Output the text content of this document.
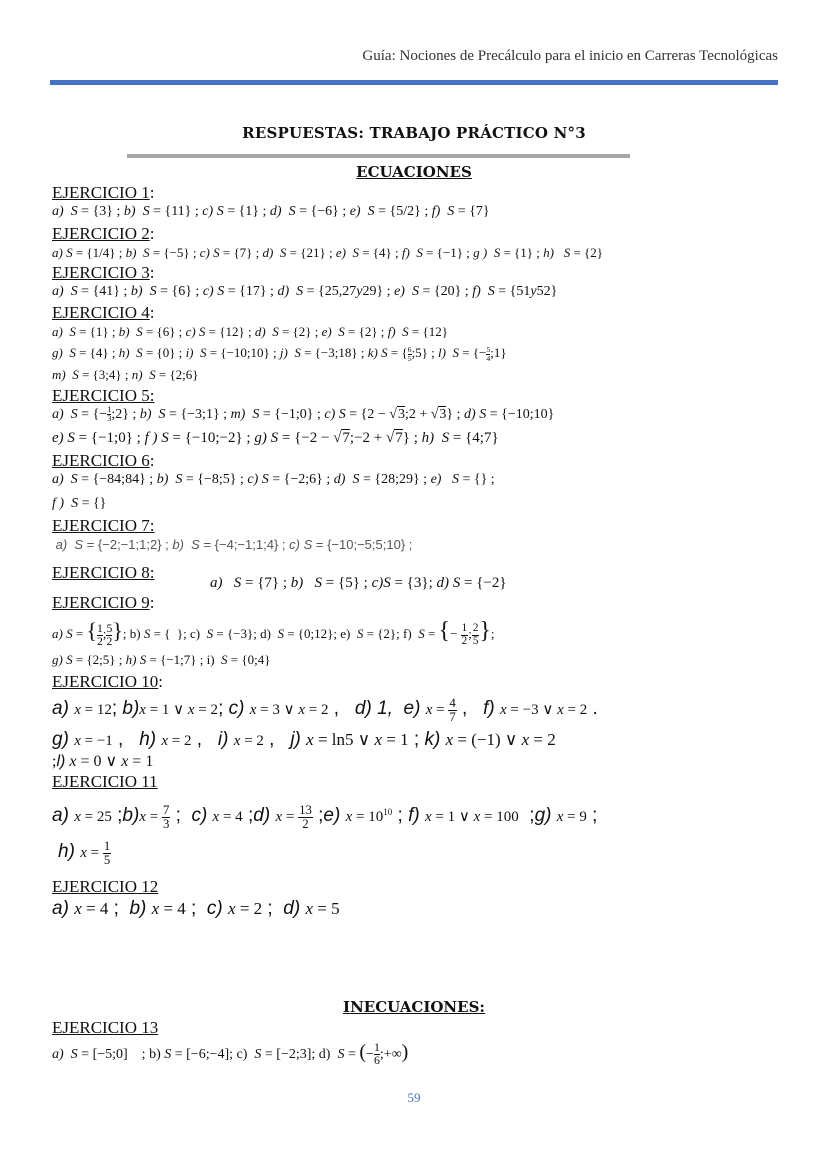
Guía: Nociones de Precálculo para el inicio en Carreras Tecnológicas
RESPUESTAS: TRABAJO PRÁCTICO N°3
ECUACIONES
EJERCICIO 1:
a) S = {3} ; b) S = {11} ; c) S = {1} ; d) S = {−6} ; e) S = {5/2} ; f) S = {7}
EJERCICIO 2:
a) S = {1/4} ; b) S = {−5} ; c) S = {7} ; d) S = {21} ; e) S = {4} ; f) S = {−1} ; g ) S = {1} ; h) S = {2}
EJERCICIO 3:
a) S = {41} ; b) S = {6} ; c) S = {17} ; d) S = {25,27y29} ; e) S = {20} ; f) S = {51y52}
EJERCICIO 4:
a) S = {1} ; b) S = {6} ; c) S = {12} ; d) S = {2} ; e) S = {2} ; f) S = {12}
g) S = {4} ; h) S = {0} ; i) S = {−10;10} ; j) S = {−3;18} ; k) S = { $\frac{6}{5}$ ;5} ; l) S = {− $\frac{5}{4}$ ;1}
m) S = {3;4} ; n) S = {2;6}
EJERCICIO 5:
a) S = {− $\frac{1}{3}$ ;2} ; b) S = {−3;1} ; m) S = {−1;0} ; c) S = {2 − √3;2 + √3} ; d) S = {−10;10}
e) S = {−1;0} ; f ) S = {−10;−2} ; g) S = {−2 − √7;−2 + √7} ; h) S = {4;7}
EJERCICIO 6:
a) S = {−84;84} ; b) S = {−8;5} ; c) S = {−2;6} ; d) S = {28;29} ; e) S = {} ;
f ) S = {}
EJERCICIO 7:
a) S = {−2;−1;1;2} ; b) S = {−4;−1;1;4} ; c) S = {−10;−5;5;10} ;
EJERCICIO 8:
a) S = {7} ; b) S = {5} ; c)S = {3}; d) S = {−2}
EJERCICIO 9:
a) S = { $\frac{1}{2}$ ; $\frac{5}{2}$ }; b) S = {  }; c)  S = {−3}; d)  S = {0;12}; e)  S = {2}; f)  S = {− $\frac{1}{2}$ ; $\frac{2}{5}$ };
g) S = {2;5} ; h) S = {−1;7} ; i)  S = {0;4}
EJERCICIO 10:
a) x = 12; b)x = 1 ∨ x = 2; c) x = 3 ∨ x = 2 ,   d) 1, e) $x = \frac{4}{7}$ ,   f) x = −3 ∨ x = 2 .
g) x = −1 ,   h) x = 2 ,   i) x = 2 ,   j) x = ln5 ∨ x = 1 ; k) x = (−1) ∨ x = 2
;l) x = 0 ∨ x = 1
EJERCICIO 11
a) x = 25 ;b)x = $\frac{7}{3}$ ;  c) x = 4 ;d) $x = \frac{13}{2}$ ;e) $x = 10^{10}$ ; f) x = 1 ∨ x = 100  ;g) x = 9 ;
h) $x = \frac{1}{5}$
EJERCICIO 12
a) x = 4 ;  b) x = 4 ;  c) x = 2 ;  d) x = 5
INECUACIONES:
EJERCICIO 13
a) S = [−5;0]    ; b) S = [−6;−4]; c)  S = [−2;3]; d)  S = (− $\frac{1}{6}$ ;+∞)
59
